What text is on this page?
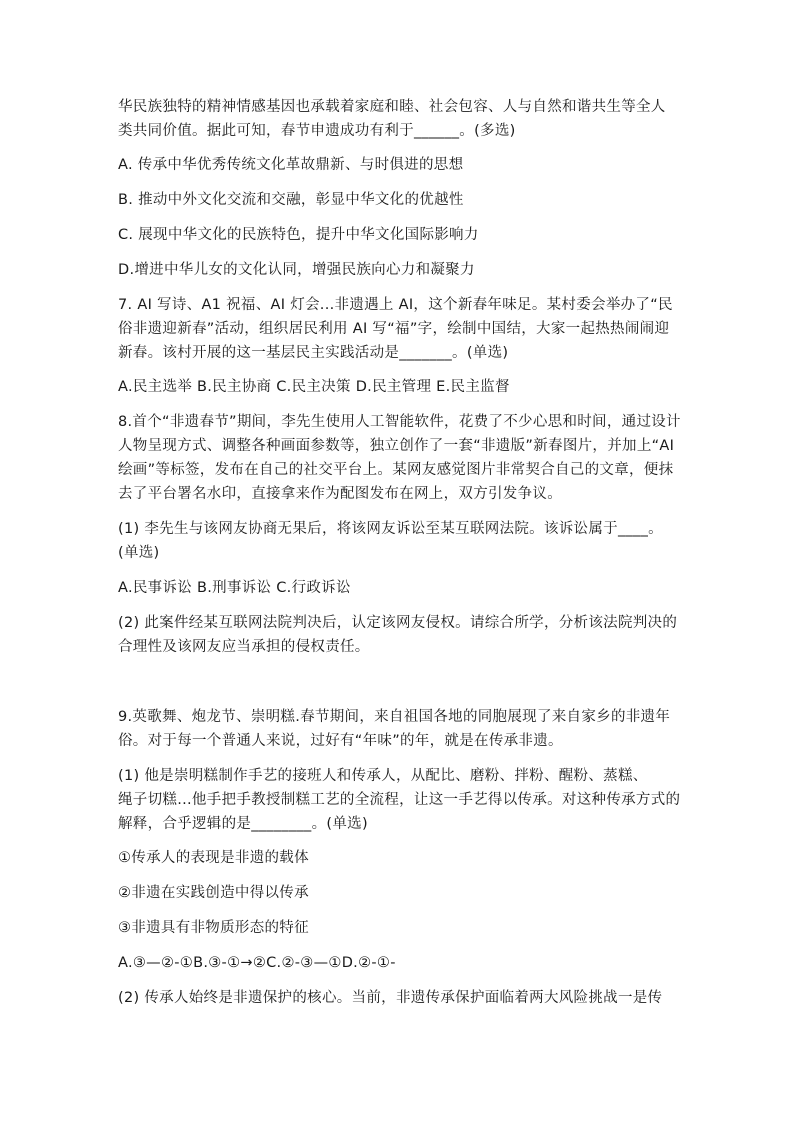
华民族独特的精神情感基因也承载着家庭和睦、社会包容、人与自然和谐共生等全人
类共同价值。据此可知，春节申遗成功有利于______。(多选)
A. 传承中华优秀传统文化革故鼎新、与时俱进的思想
B. 推动中外文化交流和交融，彰显中华文化的优越性
C. 展现中华文化的民族特色，提升中华文化国际影响力
D.增进中华儿女的文化认同，增强民族向心力和凝聚力
7. AI 写诗、A1 祝福、AI 灯会...非遗遇上 AI，这个新春年味足。某村委会举办了“民
俗非遗迎新春”活动，组织居民利用 AI 写“福”字，绘制中国结，大家一起热热闹闹迎
新春。该村开展的这一基层民主实践活动是_______。(单选)
A.民主选举 B.民主协商 C.民主决策 D.民主管理 E.民主监督
8.首个“非遗春节”期间，李先生使用人工智能软件，花费了不少心思和时间，通过设计
人物呈现方式、调整各种画面参数等，独立创作了一套“非遗版”新春图片，并加上“AI
绘画”等标签，发布在自己的社交平台上。某网友感觉图片非常契合自己的文章，便抹
去了平台署名水印，直接拿来作为配图发布在网上，双方引发争议。
(1) 李先生与该网友协商无果后，将该网友诉讼至某互联网法院。该诉讼属于____。
(单选)
A.民事诉讼 B.刑事诉讼 C.行政诉讼
(2) 此案件经某互联网法院判决后，认定该网友侵权。请综合所学，分析该法院判决的
合理性及该网友应当承担的侵权责任。
9.英歌舞、炮龙节、崇明糕.春节期间，来自祖国各地的同胞展现了来自家乡的非遗年
俗。对于每一个普通人来说，过好有“年味”的年，就是在传承非遗。
(1) 他是崇明糕制作手艺的接班人和传承人，从配比、磨粉、拌粉、醒粉、蒸糕、
绳子切糕...他手把手教授制糕工艺的全流程，让这一手艺得以传承。对这种传承方式的
解释，合乎逻辑的是________。(单选)
①传承人的表现是非遗的载体
②非遗在实践创造中得以传承
③非遗具有非物质形态的特征
A.③—②-①B.③-①→②C.②-③—①D.②-①-
(2) 传承人始终是非遗保护的核心。当前，非遗传承保护面临着两大风险挑战一是传
